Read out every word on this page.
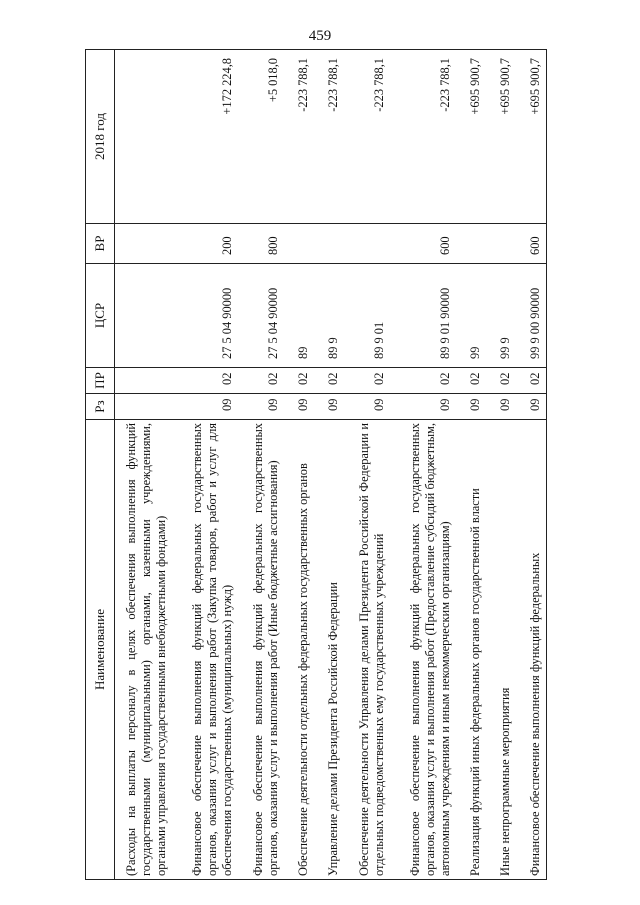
459
Наименование	Рз	ПР	ЦСР	ВР	2018 год
(Расходы на выплаты персоналу в целях обеспечения выполнения функций государственными (муниципальными) органами, казенными учреждениями, органами управления государственными внебюджетными фондами)					
Финансовое обеспечение выполнения функций федеральных государственных органов, оказания услуг и выполнения работ (Закупка товаров, работ и услуг для обеспечения государственных (муниципальных) нужд)	09	02	27 5 04 90000	200	+172 224,8
Финансовое обеспечение выполнения функций федеральных государственных органов, оказания услуг и выполнения работ (Иные бюджетные ассигнования)	09	02	27 5 04 90000	800	+5 018,0
Обеспечение деятельности отдельных федеральных государственных органов	09	02	89		-223 788,1
Управление делами Президента Российской Федерации	09	02	89 9		-223 788,1
Обеспечение деятельности Управления делами Президента Российской Федерации и отдельных подведомственных ему государственных учреждений	09	02	89 9 01		-223 788,1
Финансовое обеспечение выполнения функций федеральных государственных органов, оказания услуг и выполнения работ (Предоставление субсидий бюджетным, автономным учреждениям и иным некоммерческим организациям)	09	02	89 9 01 90000	600	-223 788,1
Реализация функций иных федеральных органов государственной власти	09	02	99		+695 900,7
Иные непрограммные мероприятия	09	02	99 9		+695 900,7
Финансовое обеспечение выполнения функций федеральных	09	02	99 9 00 90000	600	+695 900,7
